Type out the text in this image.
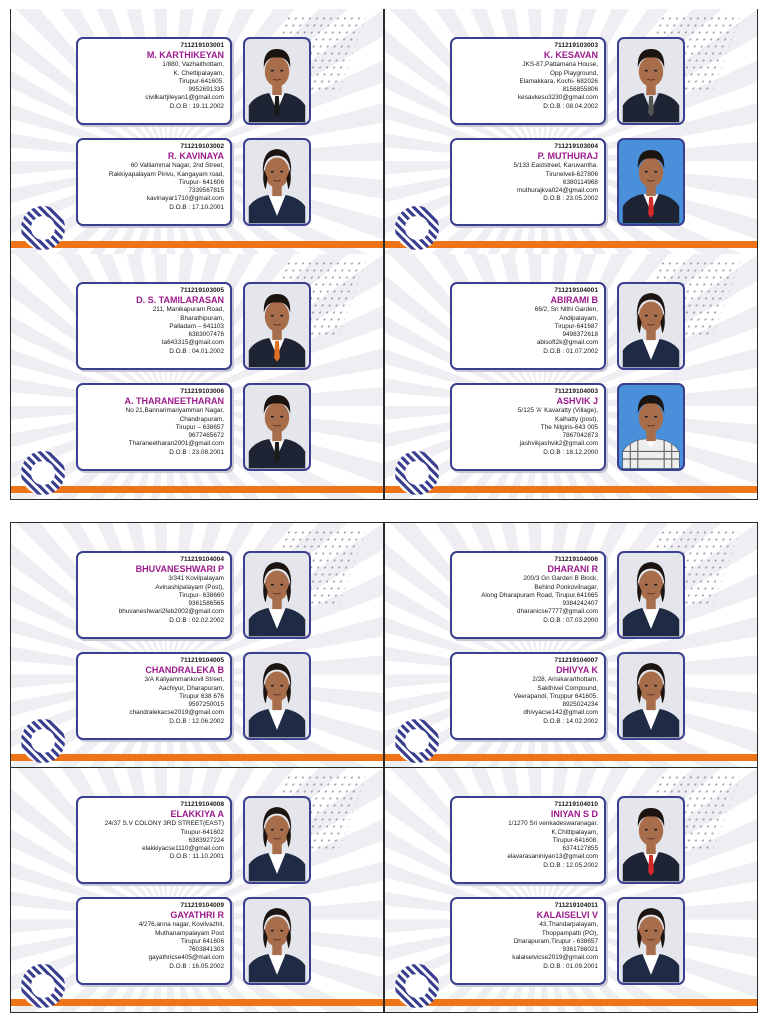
711219103001
M. KARTHIKEYAN
1/880, Vazhaithottam,
K. Chettipalayam,
Tirupur-641605.
9952691335
civilkartjileyan1@gmail.com
D.O.B : 19.11.2002
711219103002
R. KAVINAYA
60 Valliammal Nagar, 2nd Street,
Rakkiyapalayam Pirivu, Kangayam road,
Tirupur- 641606
7339567815
kavinayar1710@gmail.com
D.O.B : 17.10.2001
711219103003
K. KESAVAN
JKS-87,Pattamana House,
Opp Playground,
Elamakkara, Kochi- 682026
8156855806
kesavkesu3230@gmail.com
D.O.B : 08.04.2002
711219103004
P. MUTHURAJ
5/133 Eaststreet, Karuvantha.
Tirunelveli-627806
6380114968
muthurajkva024@gmail.com
D.O.B : 23.05.2002
711219103005
D. S. TAMILARASAN
211, Manikapuram Road,
Bharathipuram,
Palladam – 641103
6383007476
ta643315@gmail.com
D.O.B : 04.01.2002
711219103006
A. THARANEETHARAN
No 21,Bannarimariyamman Nagar,
Chandrapuram,
Tirupur – 638657
9677465672
Tharaneetharan2001@gmail.com
D.O.B : 23.08.2001
711219104001
ABIRAMI B
66/2, Sri Nithi Garden,
Andipalayam,
Tirupur-641687
9498372618
abisoft2k@gmail.com
D.O.B : 01.07.2002
711219104003
ASHVIK J
5/125 'A' Kavaratty (Village),
Kalhatty (post),
The Nilgiris-643 005
7867042873
jashvikjashvik2@gmail.com
D.O.B : 18.12.2000
711219104004
BHUVANESHWARI P
3/341 Kovilpalayam
Avinashipalayam (Post),
Tirupur- 638660
9361586565
bhuvaneshwari2feb2002@gmail.com
D.O.B : 02.02.2002
711219104005
CHANDRALEKA B
3/A Kaliyammankovil Street,
Aachiyur, Dharapuram,
Tirupur 638 676
9597250015
chandralekacse2019@gmail.com
D.O.B : 12.06.2002
711219104006
DHARANI R
200/3 Gn Garden B Block,
Behind Ponkovilnagar,
Along Dharapuram Road, Tirupur.641665
9384242407
dharanicse7777@gmail.com
D.O.B : 07.03.2000
711219104007
DHIVYA K
2/28, Arisikararthottam,
Sakthivel Compound,
Veerapandi, Tiruppur 641605.
8925024234
dhivyacse142@gmail.com
D.O.B : 14.02.2002
711219104008
ELAKKIYA A
24/37 S.V COLONY 3RD STREET(EAST)
Tirupur-641602
6383927224
elakkiyacse1110@gmail.com
D.O.B : 11.10.2001
711219104009
GAYATHRI R
4/276,anna nagar, Kovilvazhil,
Muthanampalayam Post
Tirupur 641606
7603841303
gayathricse405@mail.com
D.O.B : 16.05.2002
711219104010
INIYAN S D
1/1270 Sri venkadeswaranagar,
K.Chittipalayam,
Tirupur-641608.
6374127855
elavarasaniniyan13@gmail.com
D.O.B : 12.05.2002
711219104011
KALAISELVI V
43,Thandarpalayam,
Thoppampatti (PO),
Dharapuram,Tirupur - 638657
9361788021
kalaiselvicse2019@gmail.com
D.O.B : 01.09.2001
